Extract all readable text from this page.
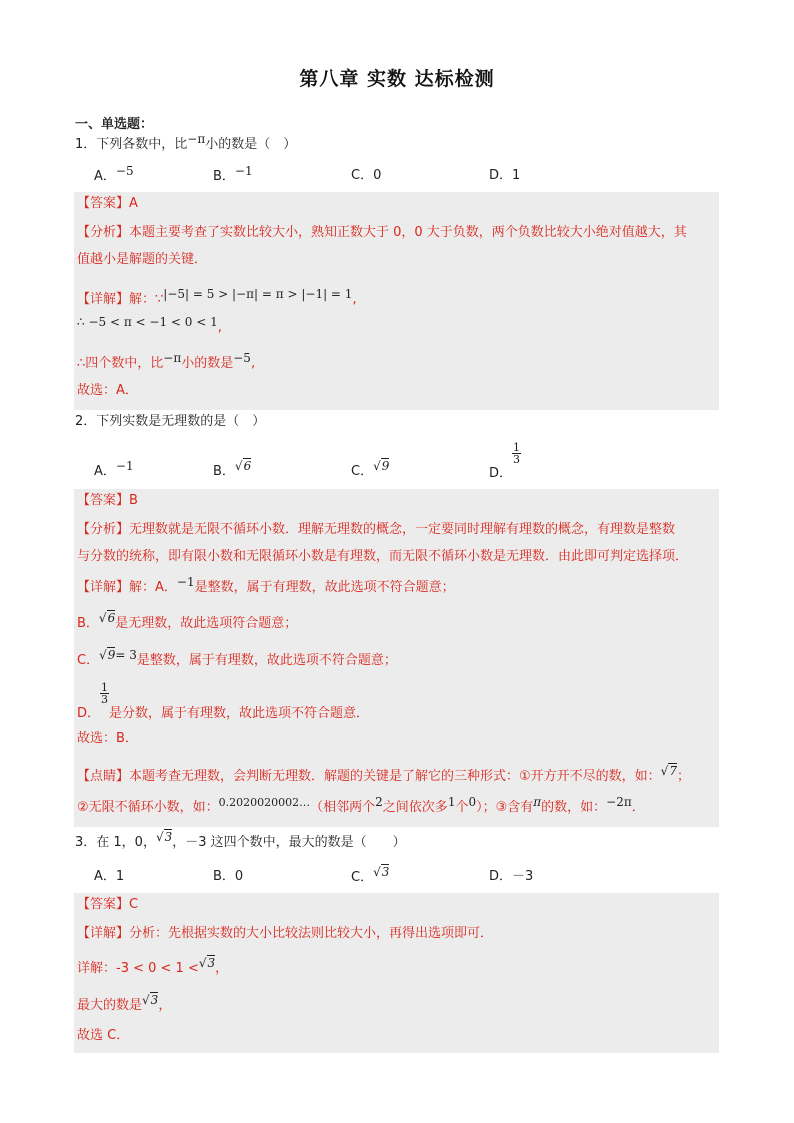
第八章 实数 达标检测
一、单选题：
1．下列各数中，比−π小的数是（　）
A．−5	B．−1	C．0	D．1
【答案】A
【分析】本题主要考查了实数比较大小，熟知正数大于 0，0 大于负数，两个负数比较大小绝对值越大，其
值越小是解题的关键．
【详解】解：∵|−5| = 5 > |−π| = π > |−1| = 1,
∴ −5 < π < −1 < 0 < 1,
∴四个数中，比−π小的数是−5,
故选：A．
2．下列实数是无理数的是（　）
A．−1	B．√6	C．√9	D．
$\frac{1}{3}$
【答案】B
【分析】无理数就是无限不循环小数．理解无理数的概念，一定要同时理解有理数的概念，有理数是整数
与分数的统称，即有限小数和无限循环小数是有理数，而无限不循环小数是无理数．由此即可判定选择项．
【详解】解：A．−1是整数，属于有理数，故此选项不符合题意；
B．√6是无理数，故此选项符合题意；
C．√9= 3是整数，属于有理数，故此选项不符合题意；
D．
$\frac{1}{3}$
是分数，属于有理数，故此选项不符合题意．
故选：B．
【点睛】本题考查无理数，会判断无理数．解题的关键是了解它的三种形式：①开方开不尽的数，如：√7；
②无限不循环小数，如：$^{0.2020020002\dots}$（相邻两个2之间依次多1个0）；③含有π的数，如：−2π．
3．在 1，0，√3，－3 这四个数中，最大的数是（　　）
A．1	B．0	C．√3	D．－3
【答案】C
【详解】分析：先根据实数的大小比较法则比较大小，再得出选项即可．
详解：-3 < 0 < 1 <√3，
最大的数是√3，
故选 C．
